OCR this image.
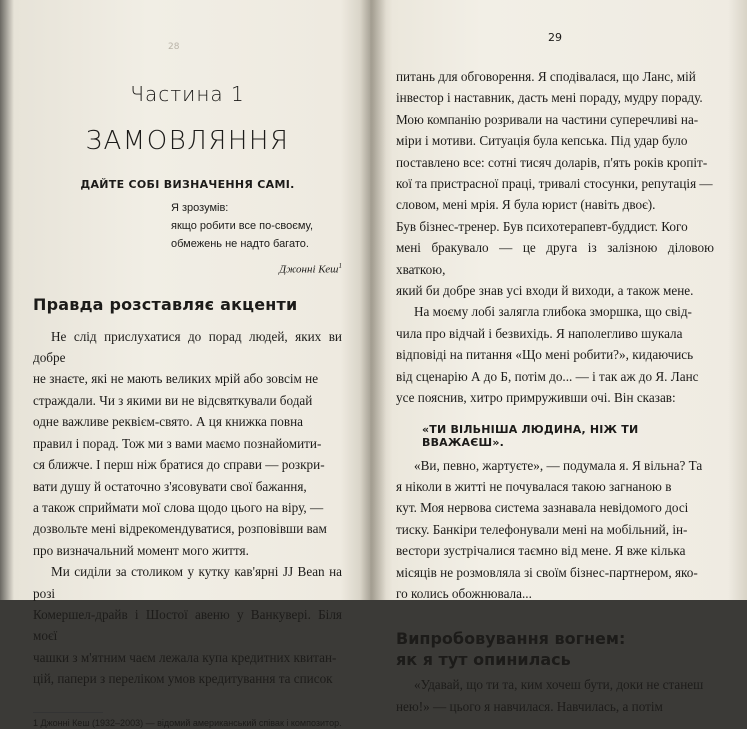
28
Частина 1
ЗАМОВЛЯННЯ
ДАЙТЕ СОБІ ВИЗНАЧЕННЯ САМІ.
Я зрозумів:
якщо робити все по-своєму,
обмежень не надто багато.
Джонні Кеш$^1$
Правда розставляє акценти
Не слід прислухатися до порад людей, яких ви добре
не знаєте, які не мають великих мрій або зовсім не
страждали. Чи з якими ви не відсвяткували бодай
одне важливе реквієм-свято. А ця книжка повна
правил і порад. Тож ми з вами маємо познайомити-
ся ближче. І перш ніж братися до справи — розкри-
вати душу й остаточно з'ясовувати свої бажання,
а також сприймати мої слова щодо цього на віру, —
дозвольте мені відрекомендуватися, розповівши вам
про визначальний момент мого життя.
Ми сиділи за столиком у кутку кав'ярні JJ Bean на розі
Комершел-драйв і Шостої авеню у Ванкувері. Біля моєї
чашки з м'ятним чаєм лежала купа кредитних квитан-
цій, папери з переліком умов кредитування та список
1 Джонні Кеш (1932–2003) — відомий американський співак і композитор.
29
питань для обговорення. Я сподівалася, що Ланс, мій
інвестор і наставник, дасть мені пораду, мудру пораду.
Мою компанію розривали на частини суперечливі на-
міри і мотиви. Ситуація була кепська. Під удар було
поставлено все: сотні тисяч доларів, п'ять років кропіт-
кої та пристрасної праці, тривалі стосунки, репутація —
словом, мені мрія. Я була юрист (навіть двоє).
Був бізнес-тренер. Був психотерапевт-буддист. Кого
мені бракувало — це друга із залізною діловою хваткою,
який би добре знав усі входи й виходи, а також мене.
На моєму лобі залягла глибока зморшка, що свід-
чила про відчай і безвихідь. Я наполегливо шукала
відповіді на питання «Що мені робити?», кидаючись
від сценарію А до Б, потім до... — і так аж до Я. Ланс
усе пояснив, хитро примруживши очі. Він сказав:
«ТИ ВІЛЬНІША ЛЮДИНА, НІЖ ТИ ВВАЖАЄШ».
«Ви, певно, жартуєте», — подумала я. Я вільна? Та
я ніколи в житті не почувалася такою загнаною в
кут. Моя нервова система зазнавала невідомого досі
тиску. Банкіри телефонували мені на мобільний, ін-
вестори зустрічалися таємно від мене. Я вже кілька
місяців не розмовляла зі своїм бізнес-партнером, яко-
го колись обожнювала...
Випробовування вогнем:
як я тут опинилась
«Удавай, що ти та, ким хочеш бути, доки не станеш
нею!» — цього я навчилася. Навчилась, а потім
